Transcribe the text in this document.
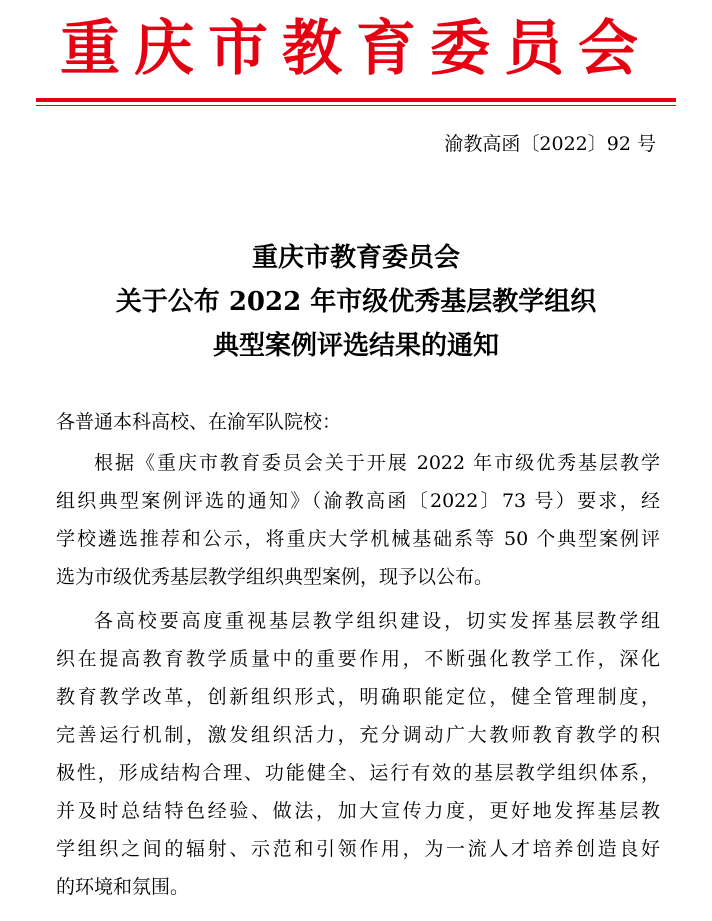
重庆市教育委员会
渝教高函〔2022〕92 号
重庆市教育委员会
关于公布 2022 年市级优秀基层教学组织
典型案例评选结果的通知
各普通本科高校、在渝军队院校：
根据《重庆市教育委员会关于开展 2022 年市级优秀基层教学
组织典型案例评选的通知》（渝教高函〔2022〕73 号）要求，经
学校遴选推荐和公示，将重庆大学机械基础系等 50 个典型案例评
选为市级优秀基层教学组织典型案例，现予以公布。
各高校要高度重视基层教学组织建设，切实发挥基层教学组
织在提高教育教学质量中的重要作用，不断强化教学工作，深化
教育教学改革，创新组织形式，明确职能定位，健全管理制度，
完善运行机制，激发组织活力，充分调动广大教师教育教学的积
极性，形成结构合理、功能健全、运行有效的基层教学组织体系，
并及时总结特色经验、做法，加大宣传力度，更好地发挥基层教
学组织之间的辐射、示范和引领作用，为一流人才培养创造良好
的环境和氛围。
